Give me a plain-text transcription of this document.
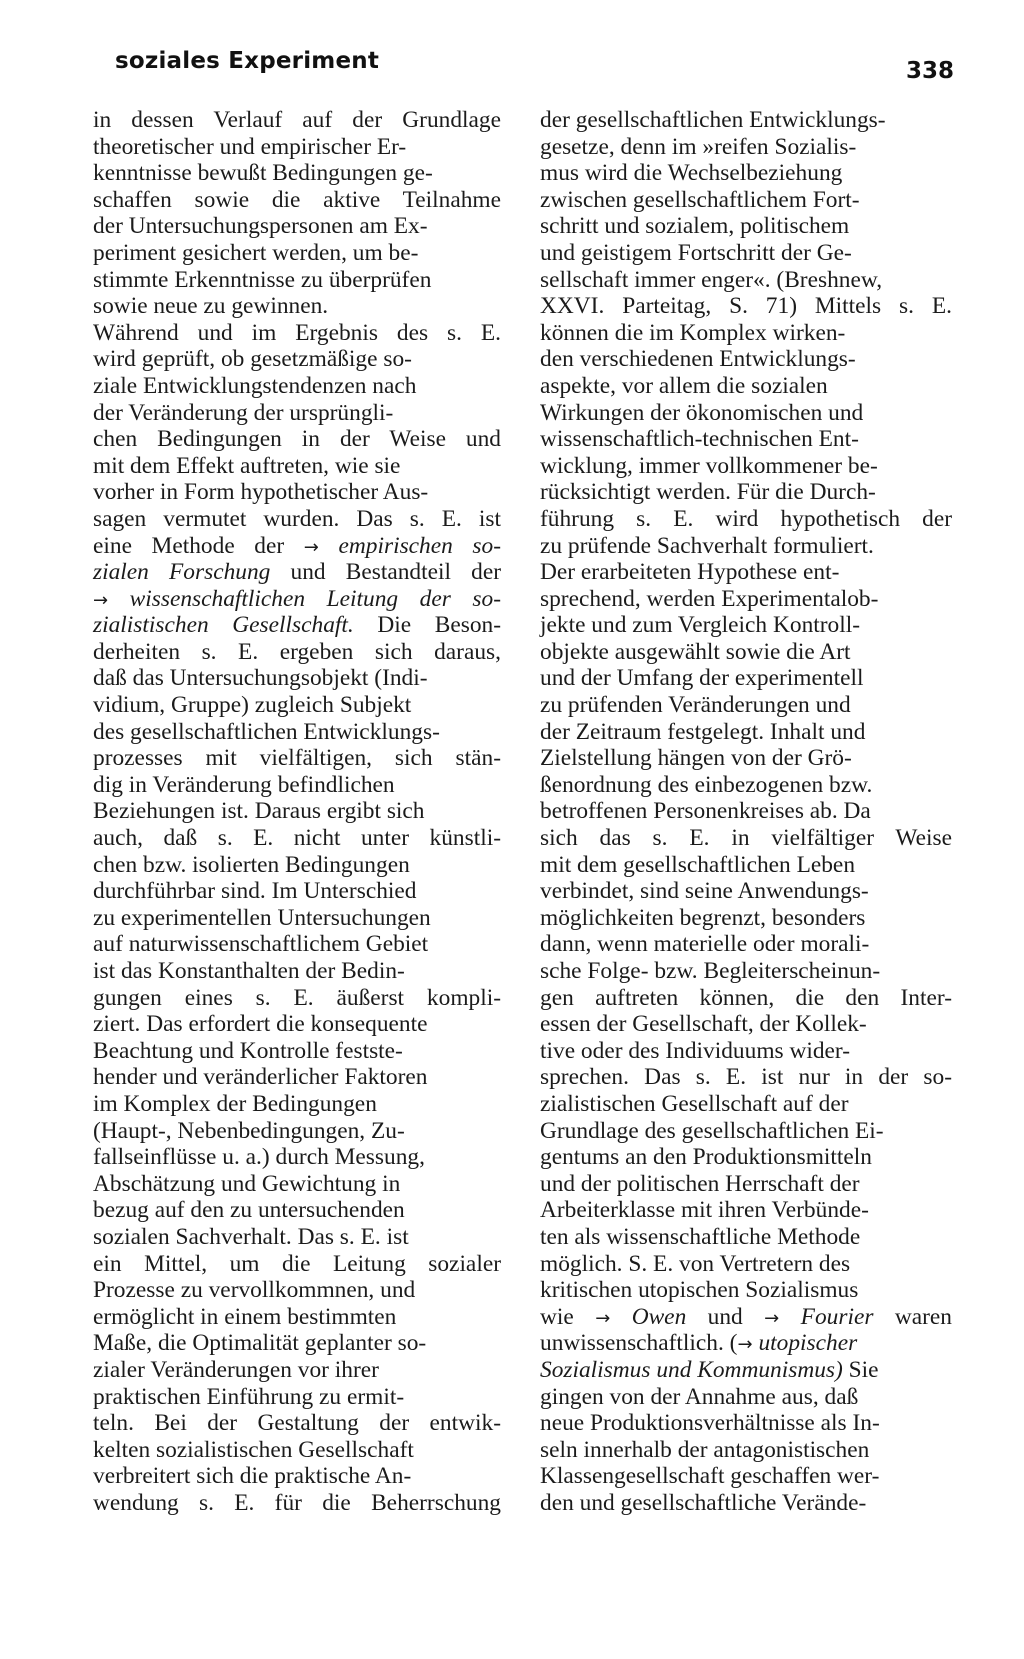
soziales Experiment	338
in dessen Verlauf auf der Grundlage
theoretischer und empirischer Er-
kenntnisse bewußt Bedingungen ge-
schaffen sowie die aktive Teilnahme
der Untersuchungspersonen am Ex-
periment gesichert werden, um be-
stimmte Erkenntnisse zu überprüfen
sowie neue zu gewinnen.
Während und im Ergebnis des s. E.
wird geprüft, ob gesetzmäßige so-
ziale Entwicklungstendenzen nach
der Veränderung der ursprüngli-
chen Bedingungen in der Weise und
mit dem Effekt auftreten, wie sie
vorher in Form hypothetischer Aus-
sagen vermutet wurden. Das s. E. ist
eine Methode der → empirischen so-
zialen Forschung und Bestandteil der
→ wissenschaftlichen Leitung der so-
zialistischen Gesellschaft. Die Beson-
derheiten s. E. ergeben sich daraus,
daß das Untersuchungsobjekt (Indi-
vidium, Gruppe) zugleich Subjekt
des gesellschaftlichen Entwicklungs-
prozesses mit vielfältigen, sich stän-
dig in Veränderung befindlichen
Beziehungen ist. Daraus ergibt sich
auch, daß s. E. nicht unter künstli-
chen bzw. isolierten Bedingungen
durchführbar sind. Im Unterschied
zu experimentellen Untersuchungen
auf naturwissenschaftlichem Gebiet
ist das Konstanthalten der Bedin-
gungen eines s. E. äußerst kompli-
ziert. Das erfordert die konsequente
Beachtung und Kontrolle feststе-
hender und veränderlicher Faktoren
im Komplex der Bedingungen
(Haupt-, Nebenbedingungen, Zu-
fallseinflüsse u. a.) durch Messung,
Abschätzung und Gewichtung in
bezug auf den zu untersuchenden
sozialen Sachverhalt. Das s. E. ist
ein Mittel, um die Leitung sozialer
Prozesse zu vervollkommnen, und
ermöglicht in einem bestimmten
Maße, die Optimalität geplanter so-
zialer Veränderungen vor ihrer
praktischen Einführung zu ermit-
teln. Bei der Gestaltung der entwik-
kelten sozialistischen Gesellschaft
verbreitert sich die praktische An-
wendung s. E. für die Beherrschung
der gesellschaftlichen Entwicklungs-
gesetze, denn im »reifen Sozialis-
mus wird die Wechselbeziehung
zwischen gesellschaftlichem Fort-
schritt und sozialem, politischem
und geistigem Fortschritt der Ge-
sellschaft immer enger«. (Breshnew,
XXVI. Parteitag, S. 71) Mittels s. E.
können die im Komplex wirken-
den verschiedenen Entwicklungs-
aspekte, vor allem die sozialen
Wirkungen der ökonomischen und
wissenschaftlich-technischen Ent-
wicklung, immer vollkommener be-
rücksichtigt werden. Für die Durch-
führung s. E. wird hypothetisch der
zu prüfende Sachverhalt formuliert.
Der erarbeiteten Hypothese ent-
sprechend, werden Experimentalob-
jekte und zum Vergleich Kontroll-
objekte ausgewählt sowie die Art
und der Umfang der experimentell
zu prüfenden Veränderungen und
der Zeitraum festgelegt. Inhalt und
Zielstellung hängen von der Grö-
ßenordnung des einbezogenen bzw.
betroffenen Personenkreises ab. Da
sich das s. E. in vielfältiger Weise
mit dem gesellschaftlichen Leben
verbindet, sind seine Anwendungs-
möglichkeiten begrenzt, besonders
dann, wenn materielle oder morali-
sche Folge- bzw. Begleiterscheinun-
gen auftreten können, die den Inter-
essen der Gesellschaft, der Kollek-
tive oder des Individuums wider-
sprechen. Das s. E. ist nur in der so-
zialistischen Gesellschaft auf der
Grundlage des gesellschaftlichen Ei-
gentums an den Produktionsmitteln
und der politischen Herrschaft der
Arbeiterklasse mit ihren Verbünde-
ten als wissenschaftliche Methode
möglich. S. E. von Vertretern des
kritischen utopischen Sozialismus
wie → Owen und → Fourier waren
unwissenschaftlich. (→ utopischer
Sozialismus und Kommunismus) Sie
gingen von der Annahme aus, daß
neue Produktionsverhältnisse als In-
seln innerhalb der antagonistischen
Klassengesellschaft geschaffen wer-
den und gesellschaftliche Verände-
